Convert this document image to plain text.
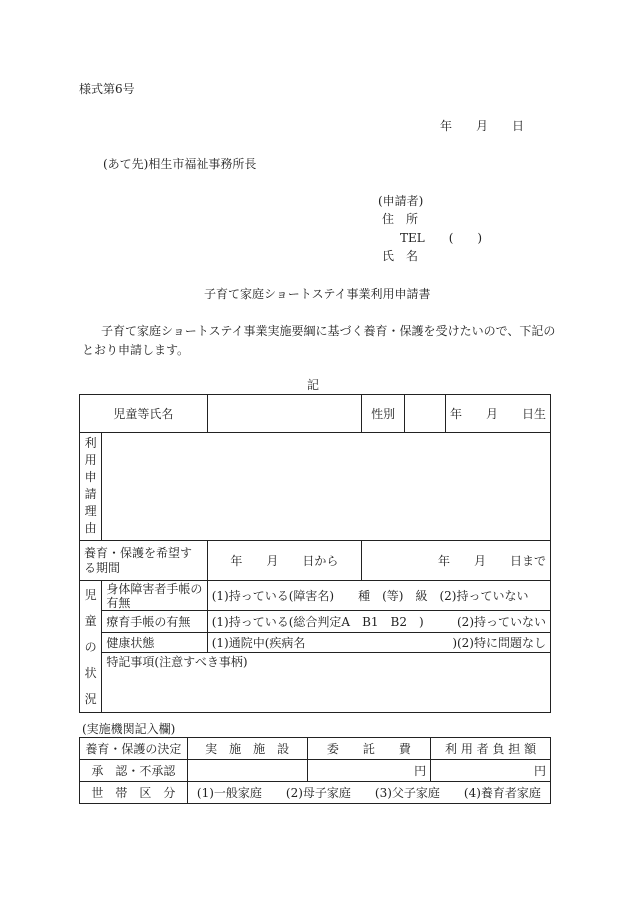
様式第6号
年　　月　　日
(あて先)相生市福祉事務所長
(申請者)
住　所
TEL　　(　　)
氏　名
子育て家庭ショートステイ事業利用申請書
子育て家庭ショートステイ事業実施要綱に基づく養育・保護を受けたいので、下記の
とおり申請します。
記
児童等氏名			性別		年　　月　　日生

利用申請理由					

養育・保護を希望する期間		年　　月　　日から	年　　月　　日まで		

児童の状況	身体障害者手帳の有無	(1)持っている(障害名)　　種　(等)　級　(2)持っていない			
	療育手帳の有無	(1)持っている(総合判定A　B1　B2　) (2)持っていない			

	健康状態	(1)通院中(疾病名 )(2)特に問題なし			

	特記事項(注意すべき事柄)				
(実施機関記入欄)
養育・保護の決定	実　施　施　設	委　　託　　費	利 用 者 負 担 額
承　認・不承認		円	円
世　帯　区　分	(1)一般家庭　　(2)母子家庭　　(3)父子家庭　　(4)養育者家庭		
